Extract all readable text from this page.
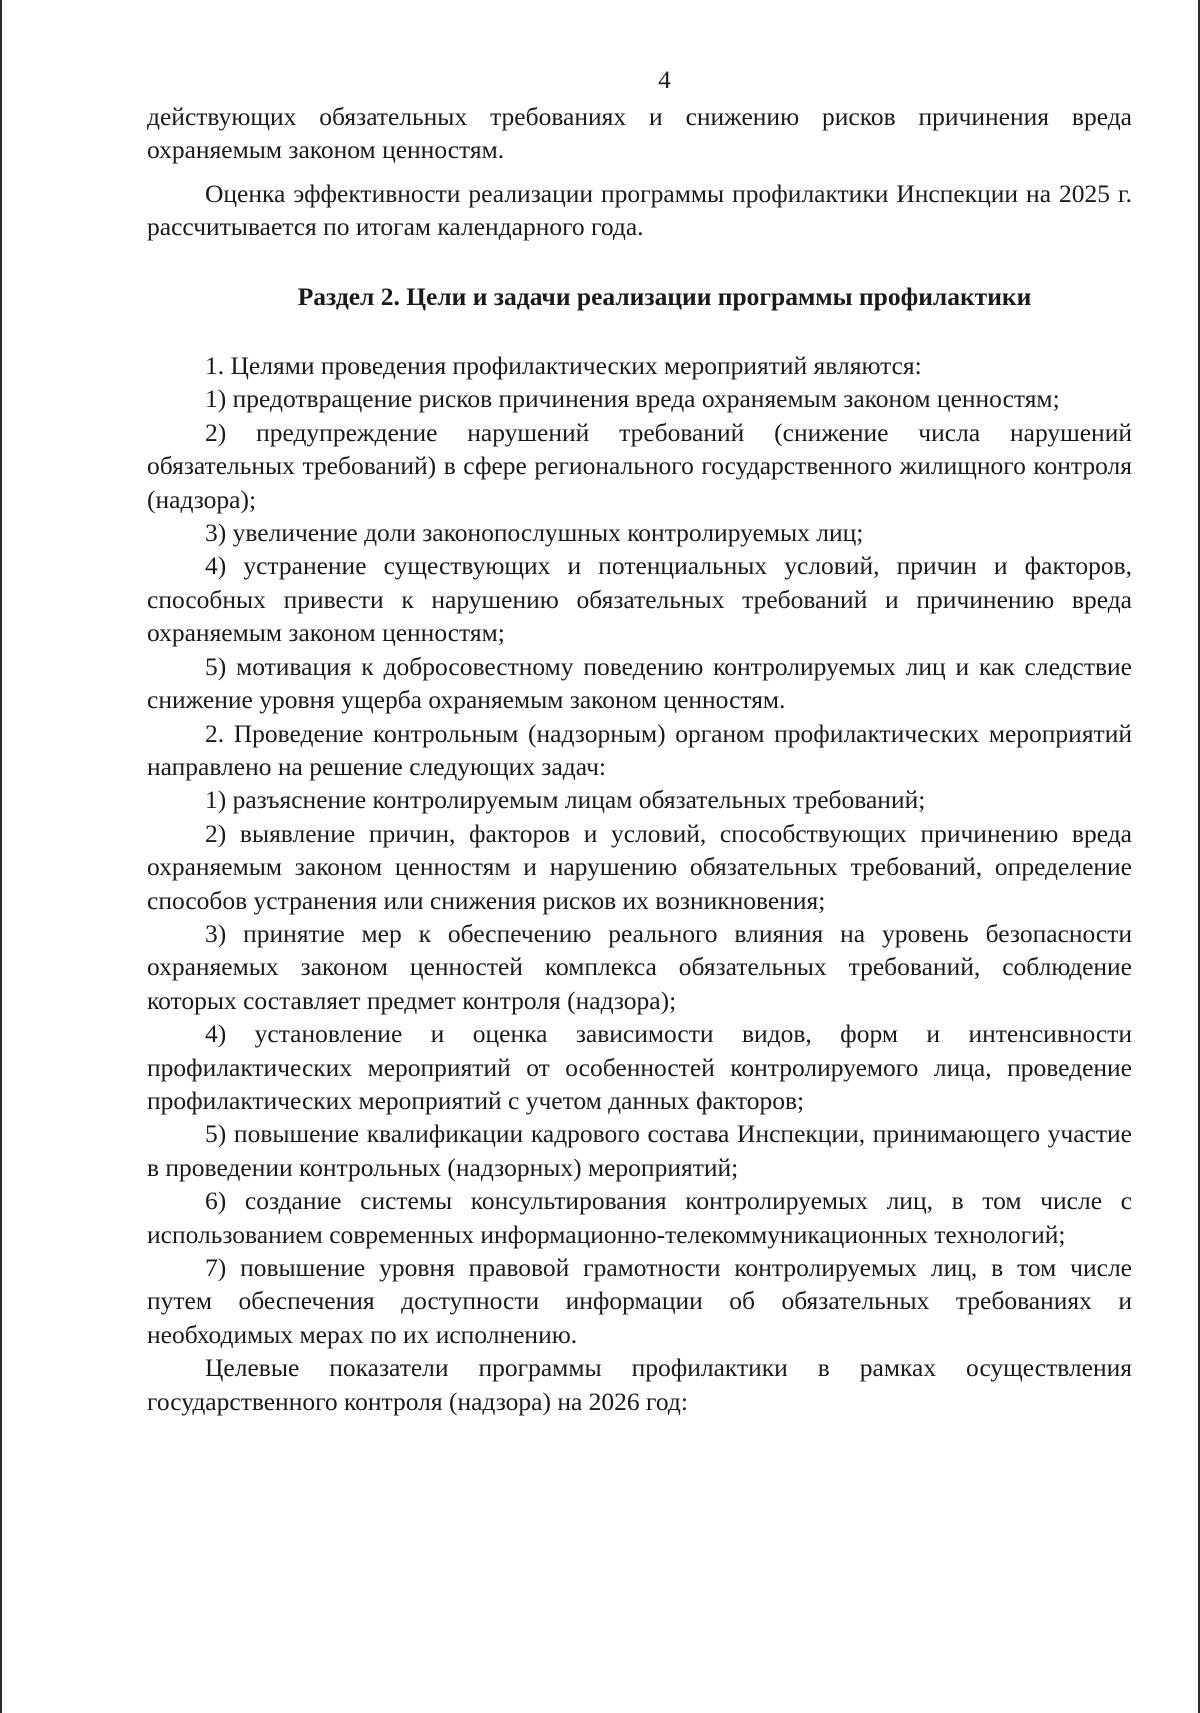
4

действующих обязательных требованиях и снижению рисков причинения вреда охраняемым законом ценностям.

Оценка эффективности реализации программы профилактики Инспекции на 2025 г. рассчитывается по итогам календарного года.

Раздел 2. Цели и задачи реализации программы профилактики

1. Целями проведения профилактических мероприятий являются:

1) предотвращение рисков причинения вреда охраняемым законом ценностям;

2) предупреждение нарушений требований (снижение числа нарушений обязательных требований) в сфере регионального государственного жилищного контроля (надзора);

3) увеличение доли законопослушных контролируемых лиц;

4) устранение существующих и потенциальных условий, причин и факторов, способных привести к нарушению обязательных требований и причинению вреда охраняемым законом ценностям;

5) мотивация к добросовестному поведению контролируемых лиц и как следствие снижение уровня ущерба охраняемым законом ценностям.

2. Проведение контрольным (надзорным) органом профилактических мероприятий направлено на решение следующих задач:

1) разъяснение контролируемым лицам обязательных требований;

2) выявление причин, факторов и условий, способствующих причинению вреда охраняемым законом ценностям и нарушению обязательных требований, определение способов устранения или снижения рисков их возникновения;

3) принятие мер к обеспечению реального влияния на уровень безопасности охраняемых законом ценностей комплекса обязательных требований, соблюдение которых составляет предмет контроля (надзора);

4) установление и оценка зависимости видов, форм и интенсивности профилактических мероприятий от особенностей контролируемого лица, проведение профилактических мероприятий с учетом данных факторов;

5) повышение квалификации кадрового состава Инспекции, принимающего участие в проведении контрольных (надзорных) мероприятий;

6) создание системы консультирования контролируемых лиц, в том числе с использованием современных информационно-телекоммуникационных технологий;

7) повышение уровня правовой грамотности контролируемых лиц, в том числе путем обеспечения доступности информации об обязательных требованиях и необходимых мерах по их исполнению.

Целевые показатели программы профилактики в рамках осуществления государственного контроля (надзора) на 2026 год:
